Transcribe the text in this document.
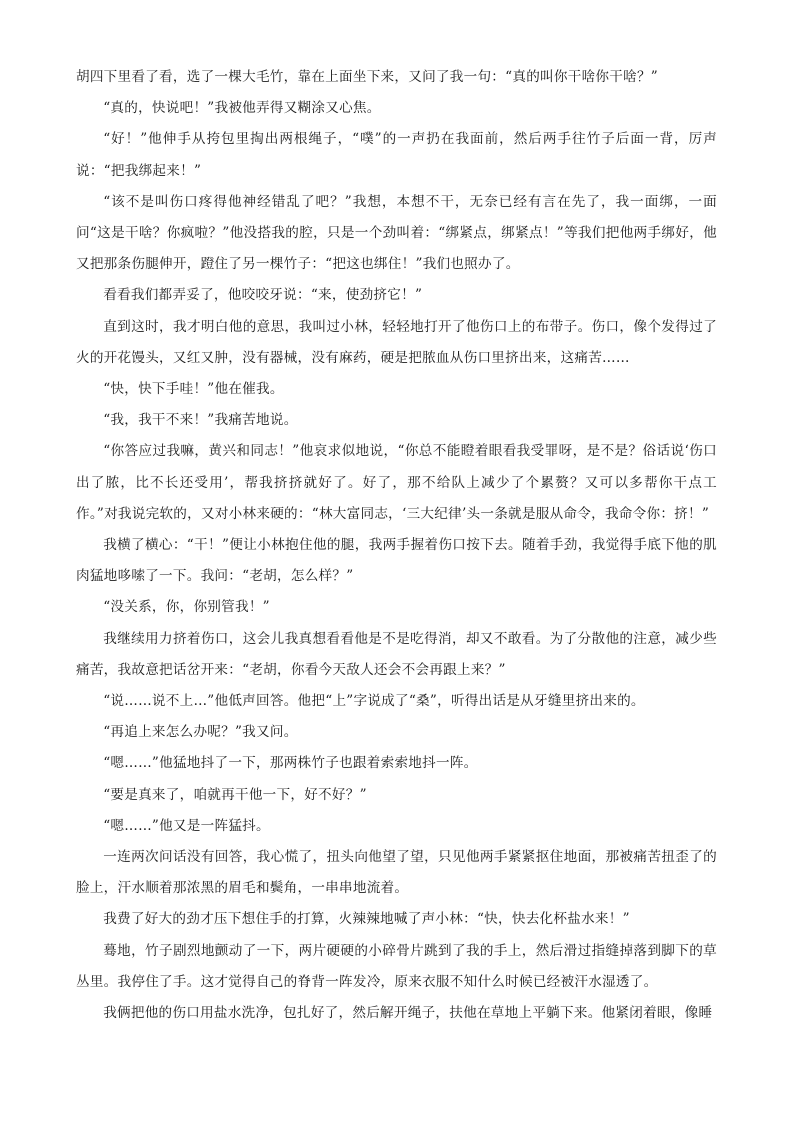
胡四下里看了看，选了一棵大毛竹，靠在上面坐下来，又问了我一句：“真的叫你干啥你干啥？”

“真的，快说吧！”我被他弄得又糊涂又心焦。

“好！”他伸手从挎包里掏出两根绳子，“噗”的一声扔在我面前，然后两手往竹子后面一背，厉声说：“把我绑起来！”

“该不是叫伤口疼得他神经错乱了吧？”我想，本想不干，无奈已经有言在先了，我一面绑，一面问“这是干啥？你疯啦？”他没搭我的腔，只是一个劲叫着：“绑紧点，绑紧点！”等我们把他两手绑好，他又把那条伤腿伸开，蹬住了另一棵竹子：“把这也绑住！”我们也照办了。

看看我们都弄妥了，他咬咬牙说：“来，使劲挤它！”

直到这时，我才明白他的意思，我叫过小林，轻轻地打开了他伤口上的布带子。伤口，像个发得过了火的开花馒头，又红又肿，没有器械，没有麻药，硬是把脓血从伤口里挤出来，这痛苦……

“快，快下手哇！”他在催我。

“我，我干不来！”我痛苦地说。

“你答应过我嘛，黄兴和同志！”他哀求似地说，“你总不能瞪着眼看我受罪呀，是不是？俗话说‘伤口出了脓，比不长还受用’，帮我挤挤就好了。好了，那不给队上减少了个累赘？又可以多帮你干点工作。”对我说完软的，又对小林来硬的：“林大富同志，‘三大纪律’头一条就是服从命令，我命令你：挤！”

我横了横心：“干！”便让小林抱住他的腿，我两手握着伤口按下去。随着手劲，我觉得手底下他的肌肉猛地哆嗦了一下。我问：“老胡，怎么样？”

“没关系，你，你别管我！”

我继续用力挤着伤口，这会儿我真想看看他是不是吃得消，却又不敢看。为了分散他的注意，减少些痛苦，我故意把话岔开来：“老胡，你看今天敌人还会不会再跟上来？”

“说……说不上…”他低声回答。他把“上”字说成了“桑”，听得出话是从牙缝里挤出来的。

“再追上来怎么办呢？”我又问。

“嗯……”他猛地抖了一下，那两株竹子也跟着索索地抖一阵。

“要是真来了，咱就再干他一下，好不好？”

“嗯……”他又是一阵猛抖。

一连两次问话没有回答，我心慌了，扭头向他望了望，只见他两手紧紧抠住地面，那被痛苦扭歪了的脸上，汗水顺着那浓黑的眉毛和鬓角，一串串地流着。

我费了好大的劲才压下想住手的打算，火辣辣地喊了声小林：“快，快去化杯盐水来！”

蓦地，竹子剧烈地颤动了一下，两片硬硬的小碎骨片跳到了我的手上，然后滑过指缝掉落到脚下的草丛里。我停住了手。这才觉得自己的脊背一阵发冷，原来衣服不知什么时候已经被汗水湿透了。

我俩把他的伤口用盐水洗净，包扎好了，然后解开绳子，扶他在草地上平躺下来。他紧闭着眼，像睡
